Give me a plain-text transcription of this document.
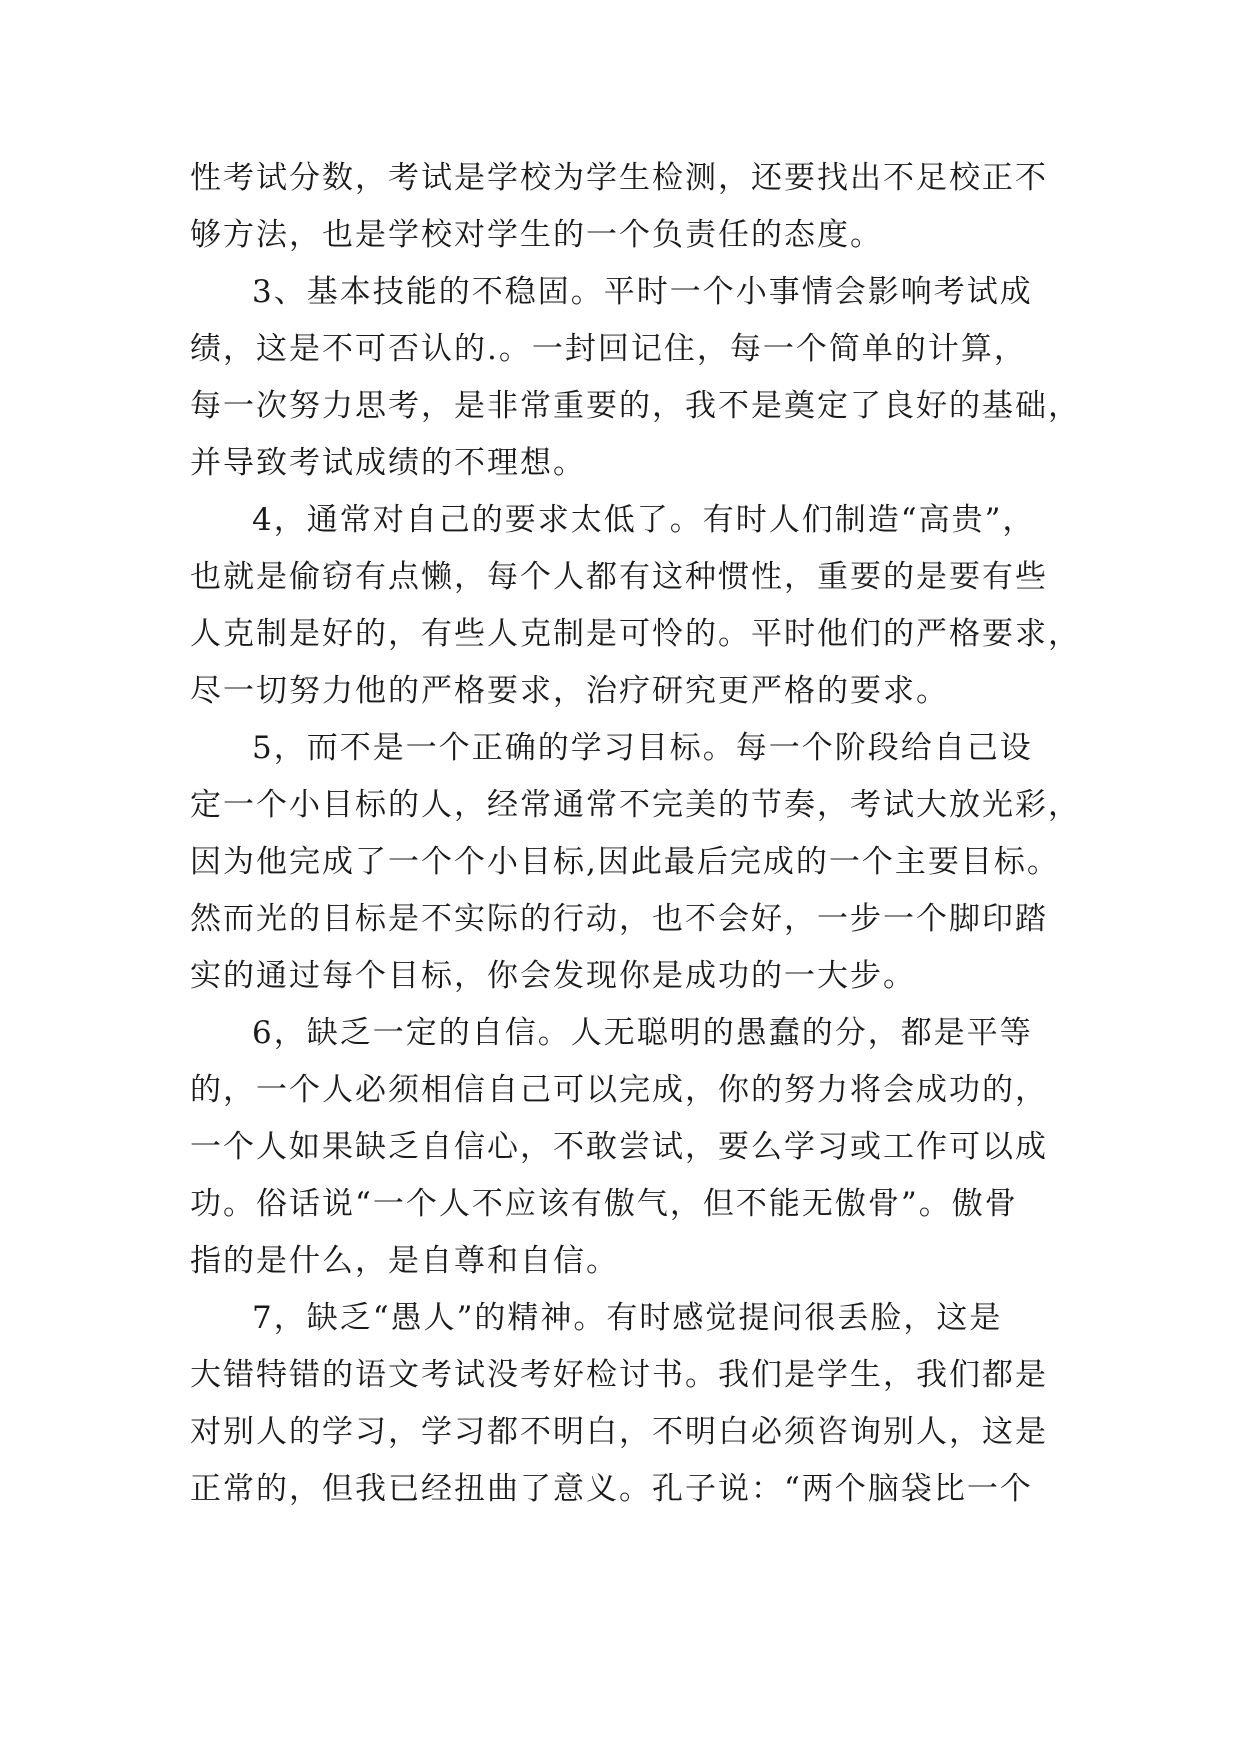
性考试分数，考试是学校为学生检测，还要找出不足校正不
够方法，也是学校对学生的一个负责任的态度。
3、基本技能的不稳固。平时一个小事情会影响考试成
绩，这是不可否认的.。一封回记住，每一个简单的计算，
每一次努力思考，是非常重要的，我不是奠定了良好的基础，
并导致考试成绩的不理想。
4，通常对自己的要求太低了。有时人们制造“高贵”，
也就是偷窃有点懒，每个人都有这种惯性，重要的是要有些
人克制是好的，有些人克制是可怜的。平时他们的严格要求，
尽一切努力他的严格要求，治疗研究更严格的要求。
5，而不是一个正确的学习目标。每一个阶段给自己设
定一个小目标的人，经常通常不完美的节奏，考试大放光彩，
因为他完成了一个个小目标,因此最后完成的一个主要目标。
然而光的目标是不实际的行动，也不会好，一步一个脚印踏
实的通过每个目标，你会发现你是成功的一大步。
6，缺乏一定的自信。人无聪明的愚蠢的分，都是平等
的，一个人必须相信自己可以完成，你的努力将会成功的，
一个人如果缺乏自信心，不敢尝试，要么学习或工作可以成
功。俗话说“一个人不应该有傲气，但不能无傲骨”。傲骨
指的是什么，是自尊和自信。
7，缺乏“愚人”的精神。有时感觉提问很丢脸，这是
大错特错的语文考试没考好检讨书。我们是学生，我们都是
对别人的学习，学习都不明白，不明白必须咨询别人，这是
正常的，但我已经扭曲了意义。孔子说：“两个脑袋比一个
